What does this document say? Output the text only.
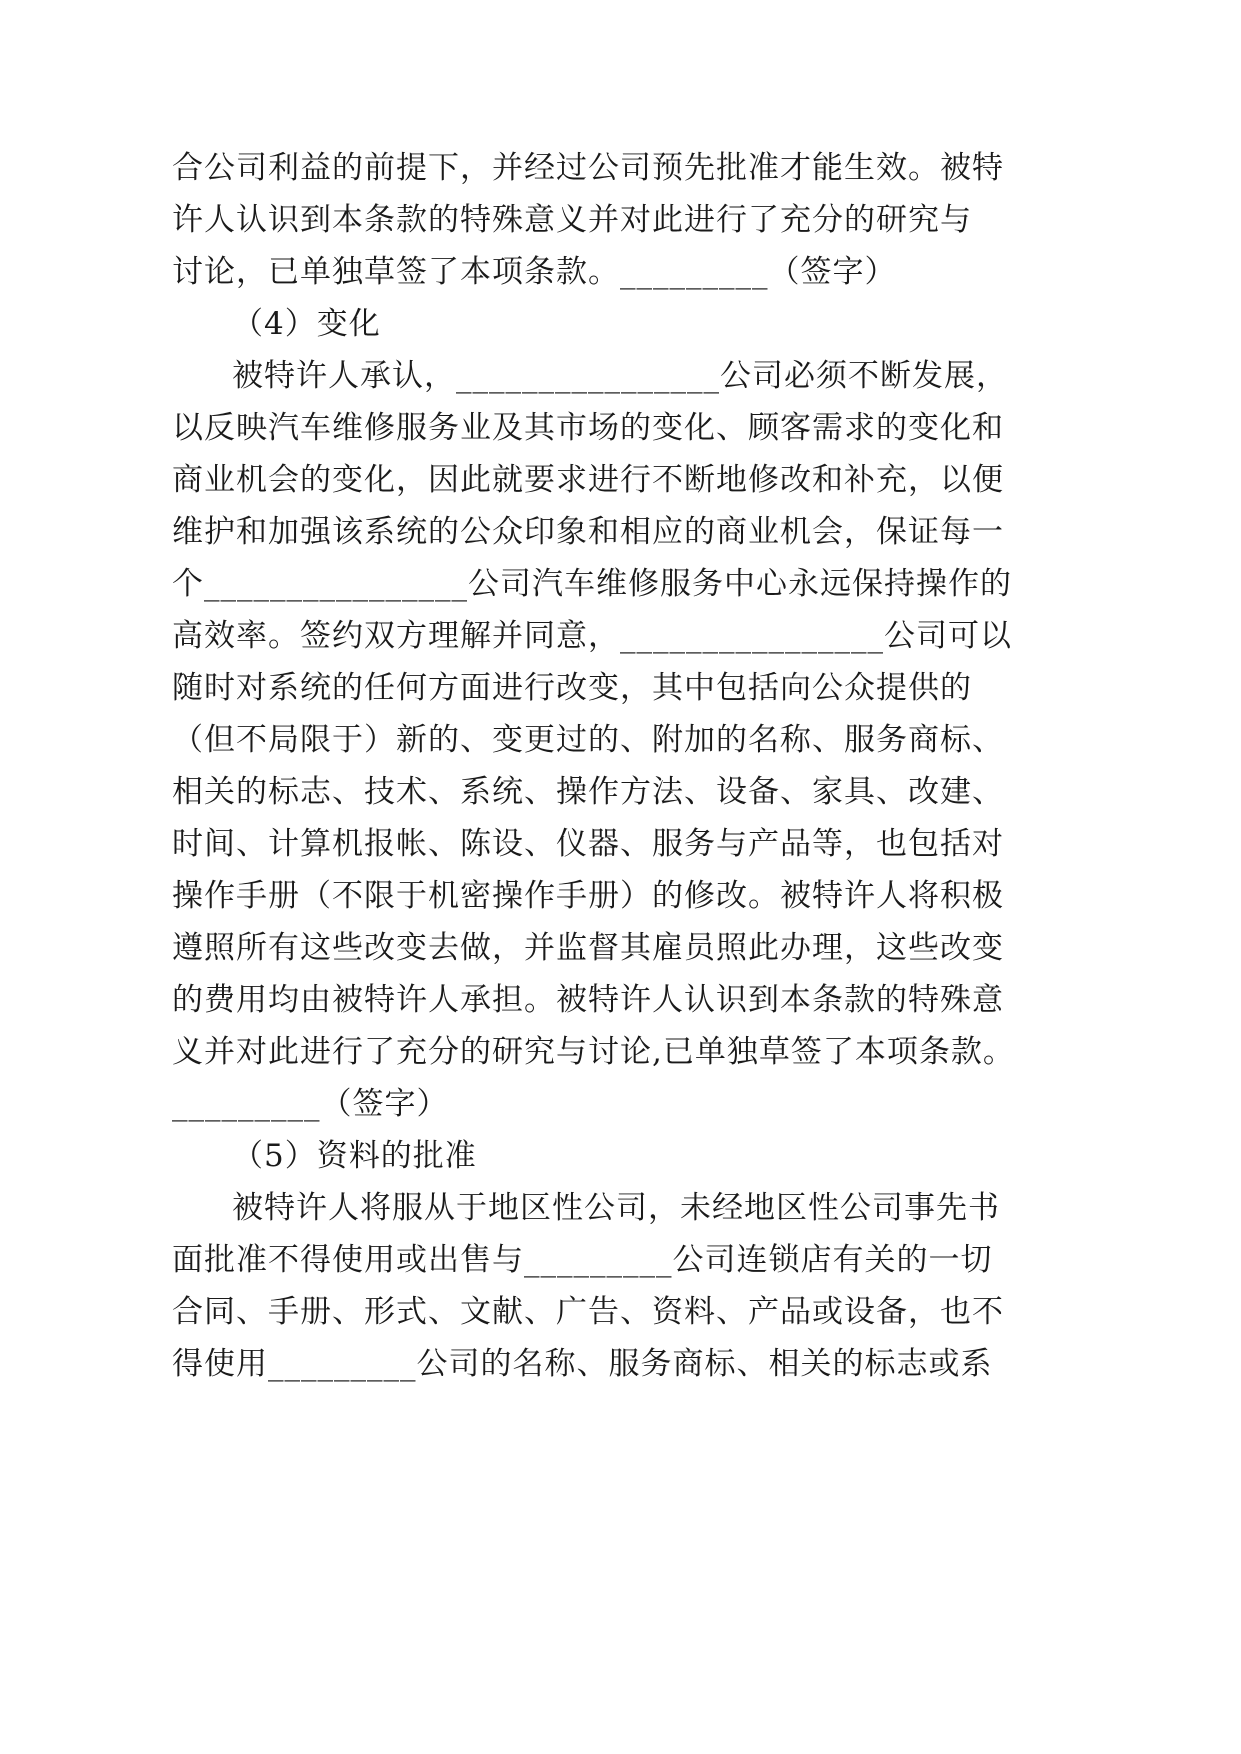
合公司利益的前提下，并经过公司预先批准才能生效。被特
许人认识到本条款的特殊意义并对此进行了充分的研究与
讨论，已单独草签了本项条款。_________（签字）
（4）变化
被特许人承认，________________公司必须不断发展，
以反映汽车维修服务业及其市场的变化、顾客需求的变化和
商业机会的变化，因此就要求进行不断地修改和补充，以便
维护和加强该系统的公众印象和相应的商业机会，保证每一
个________________公司汽车维修服务中心永远保持操作的
高效率。签约双方理解并同意，________________公司可以
随时对系统的任何方面进行改变，其中包括向公众提供的
（但不局限于）新的、变更过的、附加的名称、服务商标、
相关的标志、技术、系统、操作方法、设备、家具、改建、
时间、计算机报帐、陈设、仪器、服务与产品等，也包括对
操作手册（不限于机密操作手册）的修改。被特许人将积极
遵照所有这些改变去做，并监督其雇员照此办理，这些改变
的费用均由被特许人承担。被特许人认识到本条款的特殊意
义并对此进行了充分的研究与讨论,已单独草签了本项条款。
_________（签字）
（5）资料的批准
被特许人将服从于地区性公司，未经地区性公司事先书
面批准不得使用或出售与_________公司连锁店有关的一切
合同、手册、形式、文献、广告、资料、产品或设备，也不
得使用_________公司的名称、服务商标、相关的标志或系
